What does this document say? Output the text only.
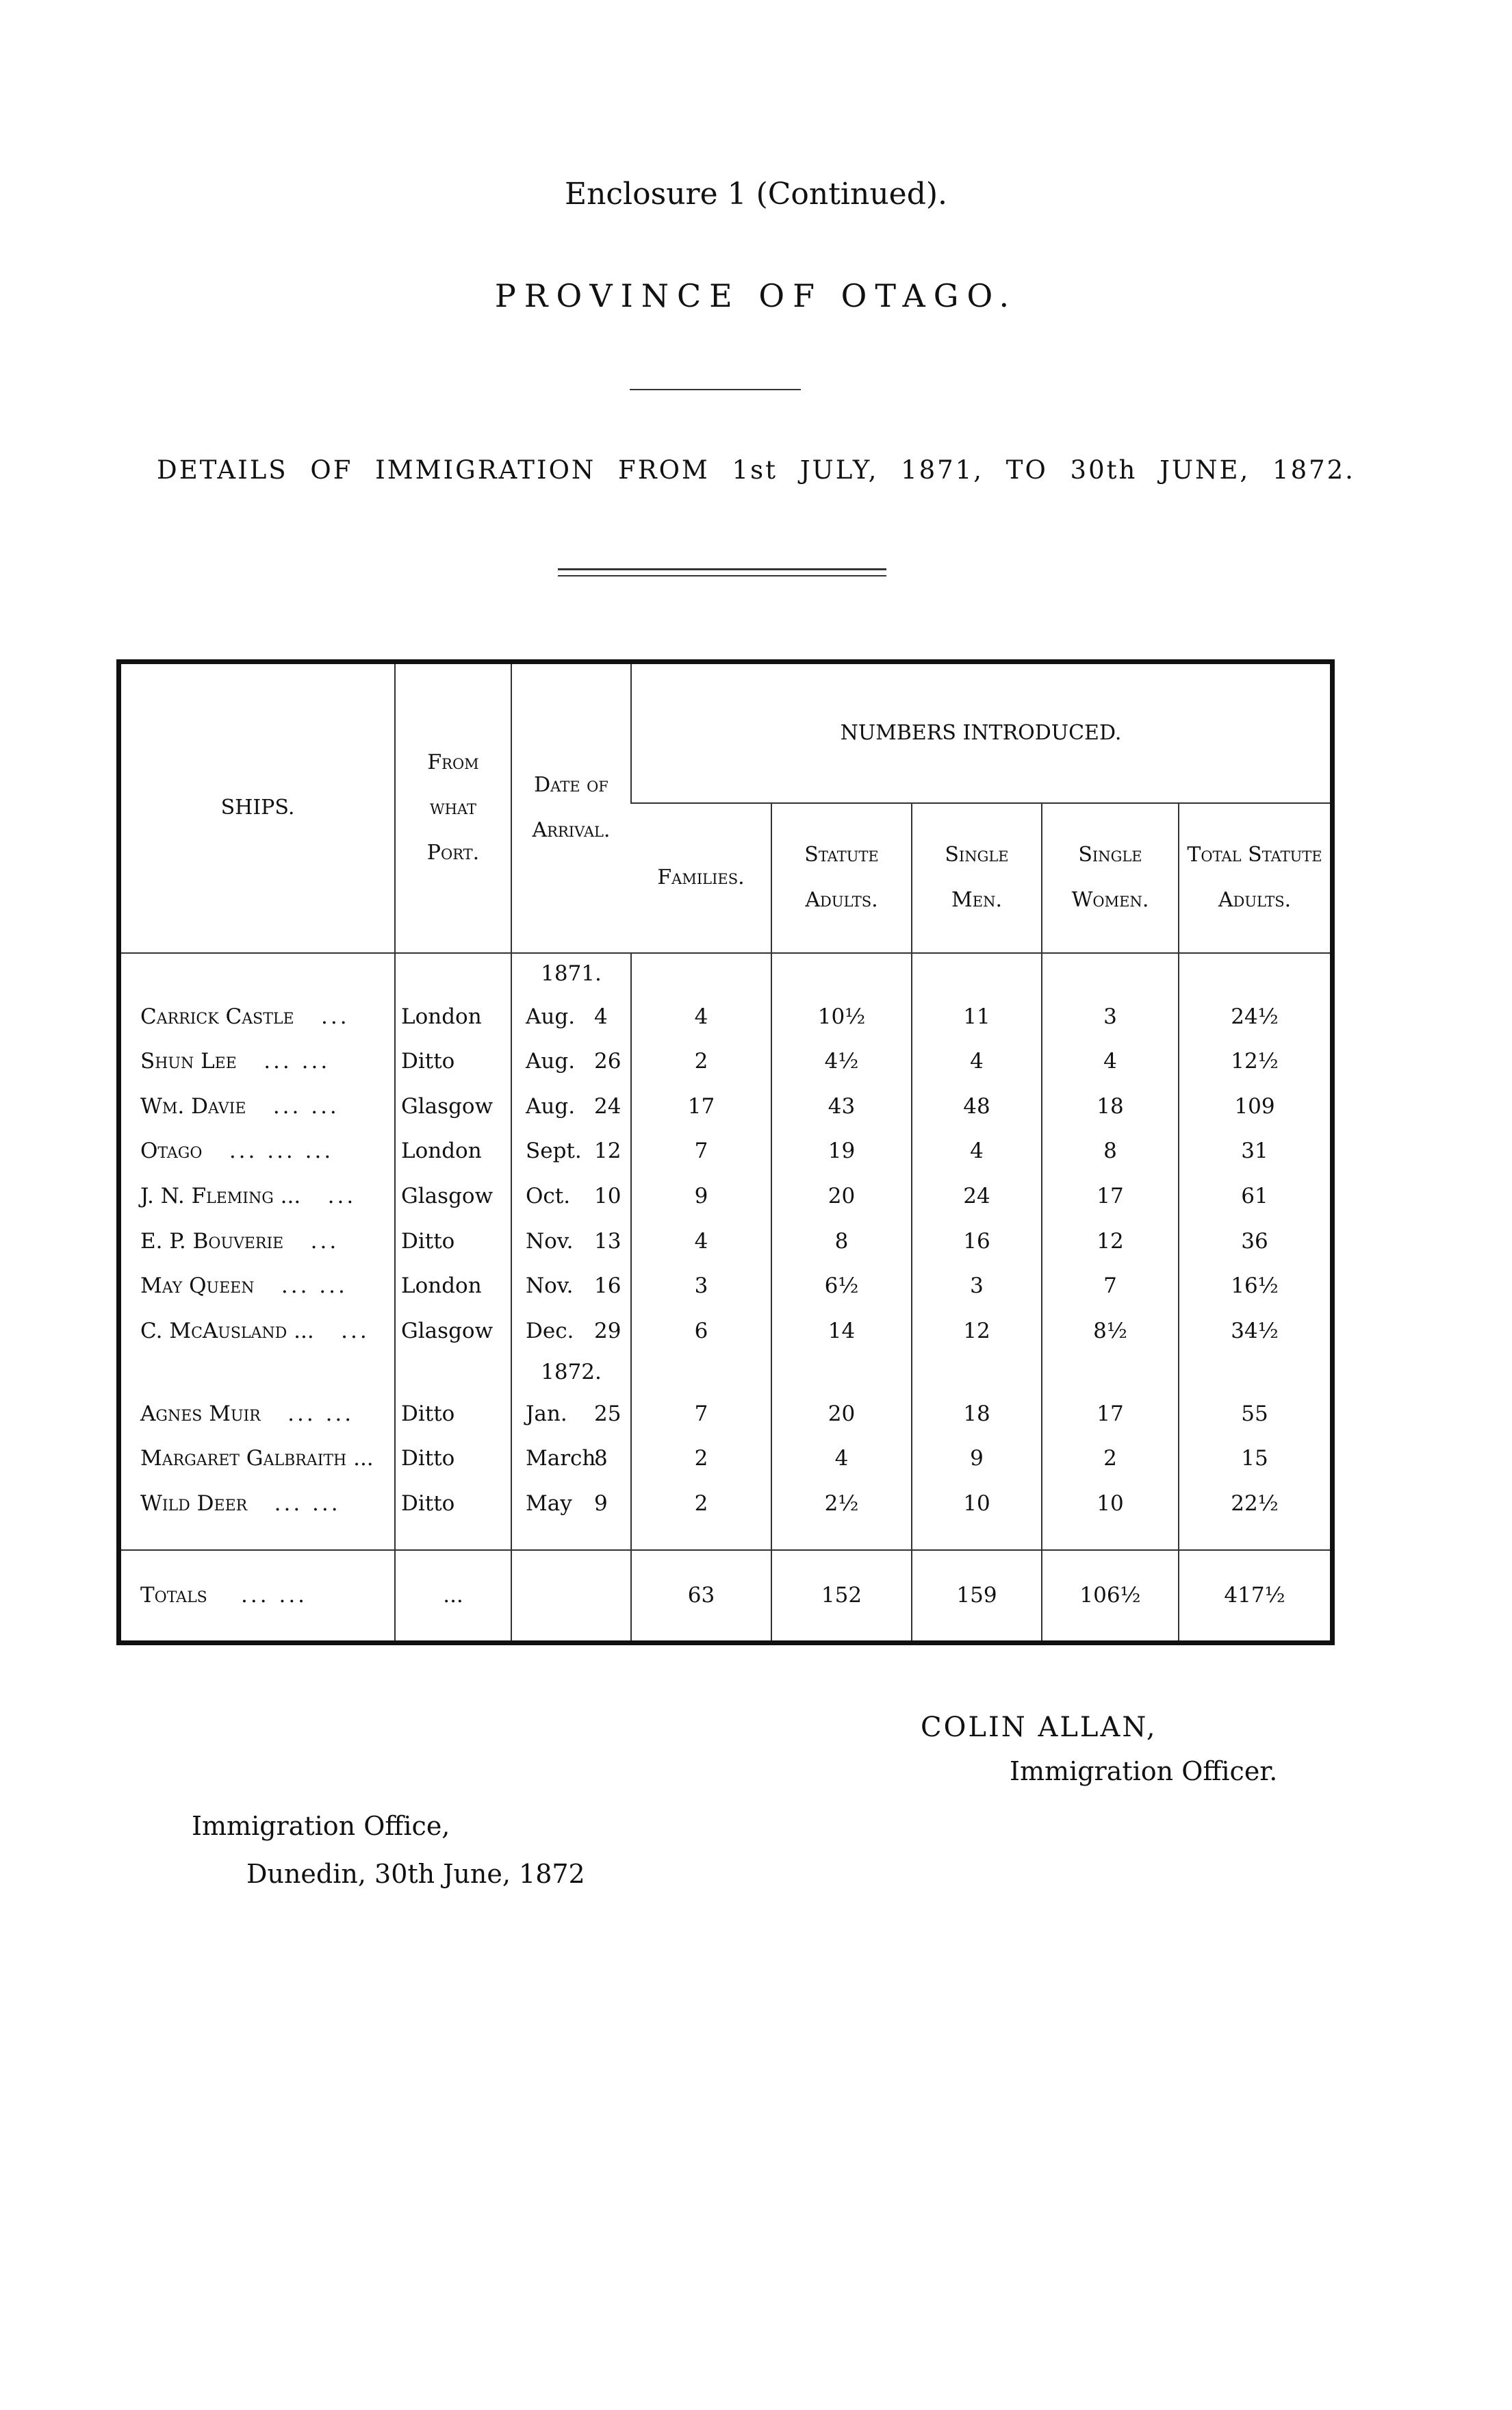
Enclosure 1 (Continued).
PROVINCE OF OTAGO.
DETAILS OF IMMIGRATION FROM 1st JULY, 1871, TO 30th JUNE, 1872.
SHIPS.	From what Port.	Date of Arrival.	NUMBERS INTRODUCED.				
			Families.	Statute Adults.	Single Men.	Single Women.	Total Statute Adults.
		1871.					
Carrick Castle ...	London	Aug. 4	4	10½	11	3	24½
Shun Lee ... ...	Ditto	Aug. 26	2	4½	4	4	12½
Wm. Davie ... ...	Glasgow	Aug. 24	17	43	48	18	109
Otago ... ... ...	London	Sept. 12	7	19	4	8	31
J. N. Fleming ... ...	Glasgow	Oct. 10	9	20	24	17	61
E. P. Bouverie ...	Ditto	Nov. 13	4	8	16	12	36
May Queen ... ...	London	Nov. 16	3	6½	3	7	16½
C. McAusland ... ...	Glasgow	Dec. 29	6	14	12	8½	34½
		1872.					
Agnes Muir ... ...	Ditto	Jan. 25	7	20	18	17	55
Margaret Galbraith ...	Ditto	March8	2	4	9	2	15
Wild Deer ... ...	Ditto	May 9	2	2½	10	10	22½

Totals ... ...	...		63	152	159	106½	417½
COLIN ALLAN,
Immigration Officer.
Immigration Office,
Dunedin, 30th June, 1872
